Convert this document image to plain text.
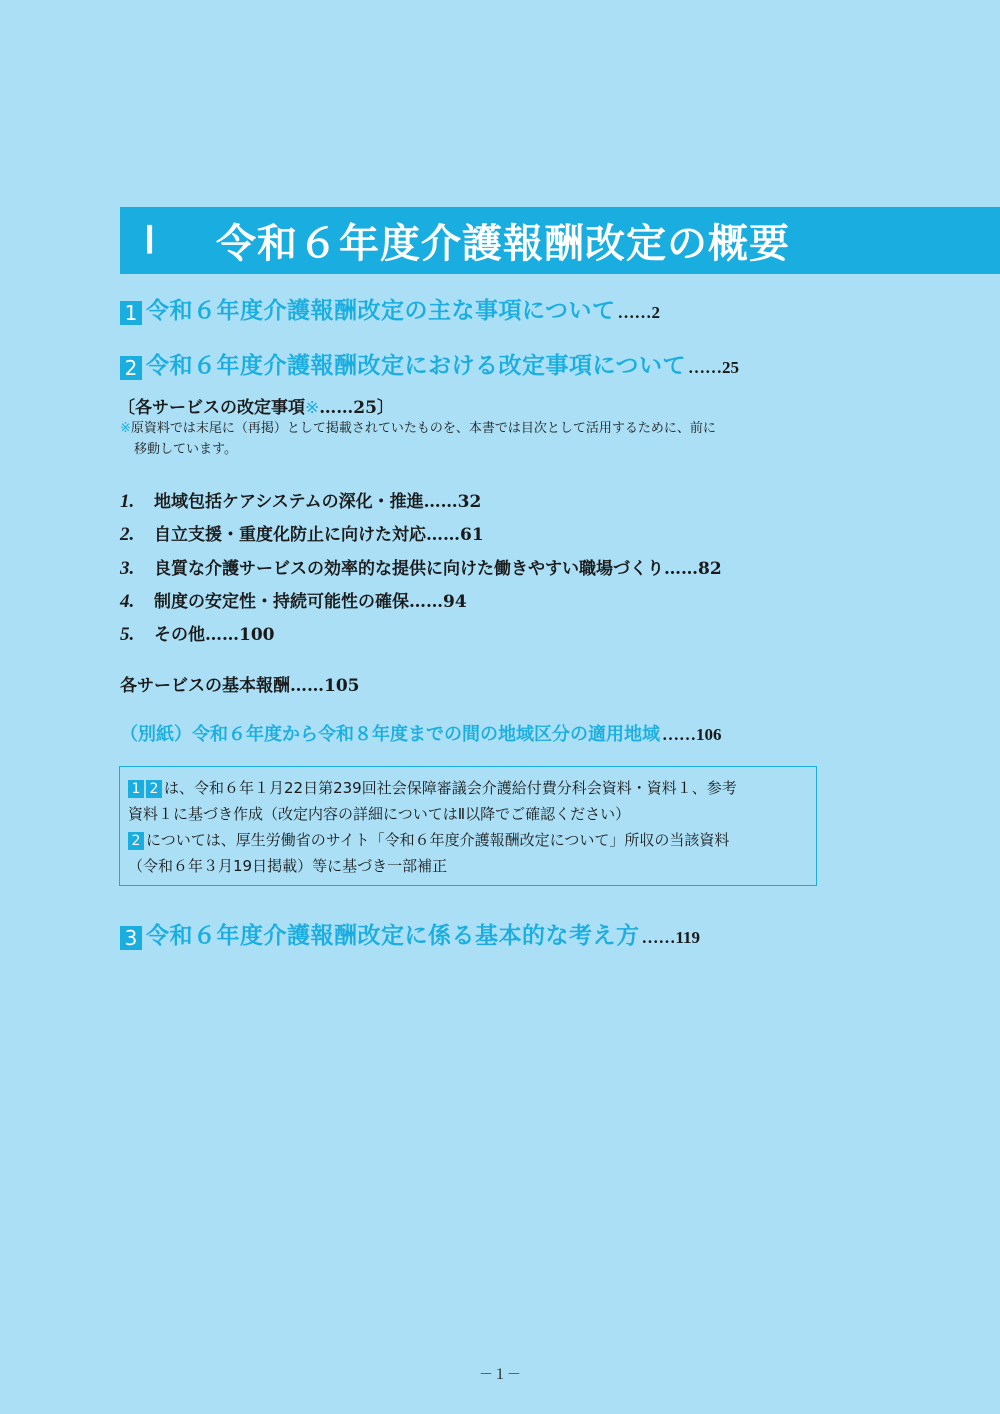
Ⅰ	令和６年度介護報酬改定の概要
1 令和６年度介護報酬改定の主な事項について ……2
2 令和６年度介護報酬改定における改定事項について ……25
〔各サービスの改定事項※……25〕
※原資料では末尾に（再掲）として掲載されていたものを、本書では目次として活用するために、前に
移動しています。
1.	地域包括ケアシステムの深化・推進……32
2.	自立支援・重度化防止に向けた対応……61
3.	良質な介護サービスの効率的な提供に向けた働きやすい職場づくり……82
4.	制度の安定性・持続可能性の確保……94
5.	その他……100
各サービスの基本報酬……105
（別紙）令和６年度から令和８年度までの間の地域区分の適用地域 ……106
1 2 は、令和６年１月22日第239回社会保障審議会介護給付費分科会資料・資料１、参考
資料１に基づき作成（改定内容の詳細についてはⅡ以降でご確認ください）
2 については、厚生労働省のサイト「令和６年度介護報酬改定について」所収の当該資料
（令和６年３月19日掲載）等に基づき一部補正
3 令和６年度介護報酬改定に係る基本的な考え方 ……119
－１－
